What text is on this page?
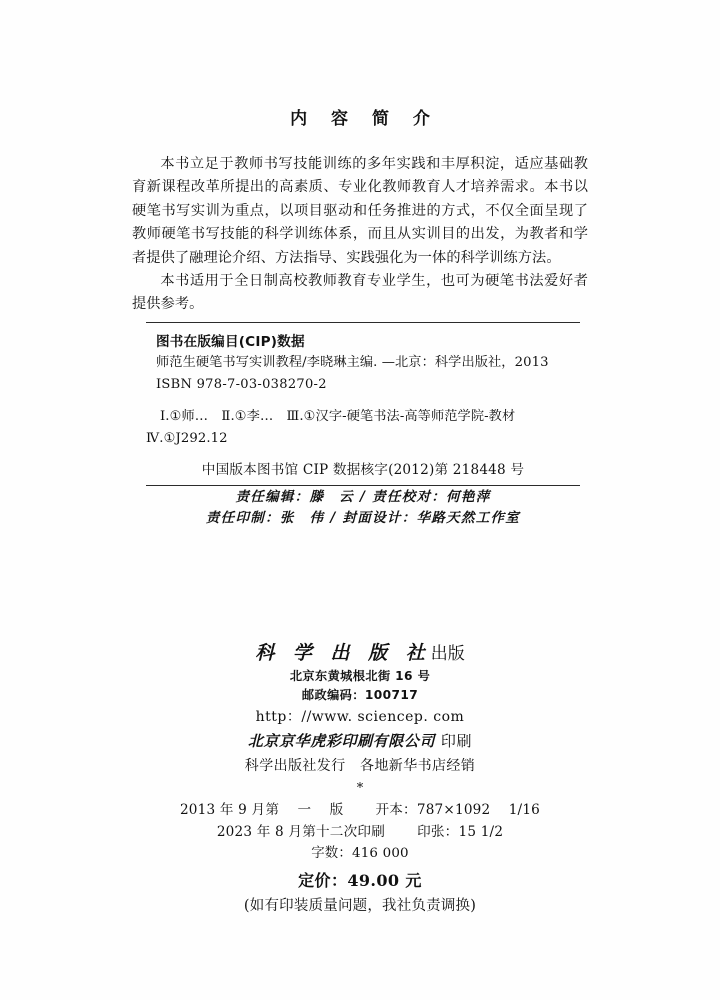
内 容 简 介

本书立足于教师书写技能训练的多年实践和丰厚积淀，适应基础教育新课程改革所提出的高素质、专业化教师教育人才培养需求。本书以硬笔书写实训为重点，以项目驱动和任务推进的方式，不仅全面呈现了教师硬笔书写技能的科学训练体系，而且从实训目的出发，为教者和学者提供了融理论介绍、方法指导、实践强化为一体的科学训练方法。

本书适用于全日制高校教师教育专业学生，也可为硬笔书法爱好者提供参考。

图书在版编目(CIP)数据
师范生硬笔书写实训教程/李晓琳主编. —北京：科学出版社，2013
ISBN 978-7-03-038270-2
Ⅰ.①师…　Ⅱ.①李…　Ⅲ.①汉字-硬笔书法-高等师范学院-教材
Ⅳ.①J292.12
中国版本图书馆 CIP 数据核字(2012)第 218448 号
责任编辑：滕　云 / 责任校对：何艳萍
责任印制：张　伟 / 封面设计：华路天然工作室
科 学 出 版 社出版
北京东黄城根北街 16 号
邮政编码：100717
http：//www. sciencep. com
北京京华虎彩印刷有限公司 印刷
科学出版社发行　各地新华书店经销
*
2013 年 9 月第　 一　 版　　 开本：787×1092　 1/16
2023 年 8 月第十二次印刷　　 印张：15 1/2
字数：416 000
定价：49.00 元
(如有印装质量问题，我社负责调换)
